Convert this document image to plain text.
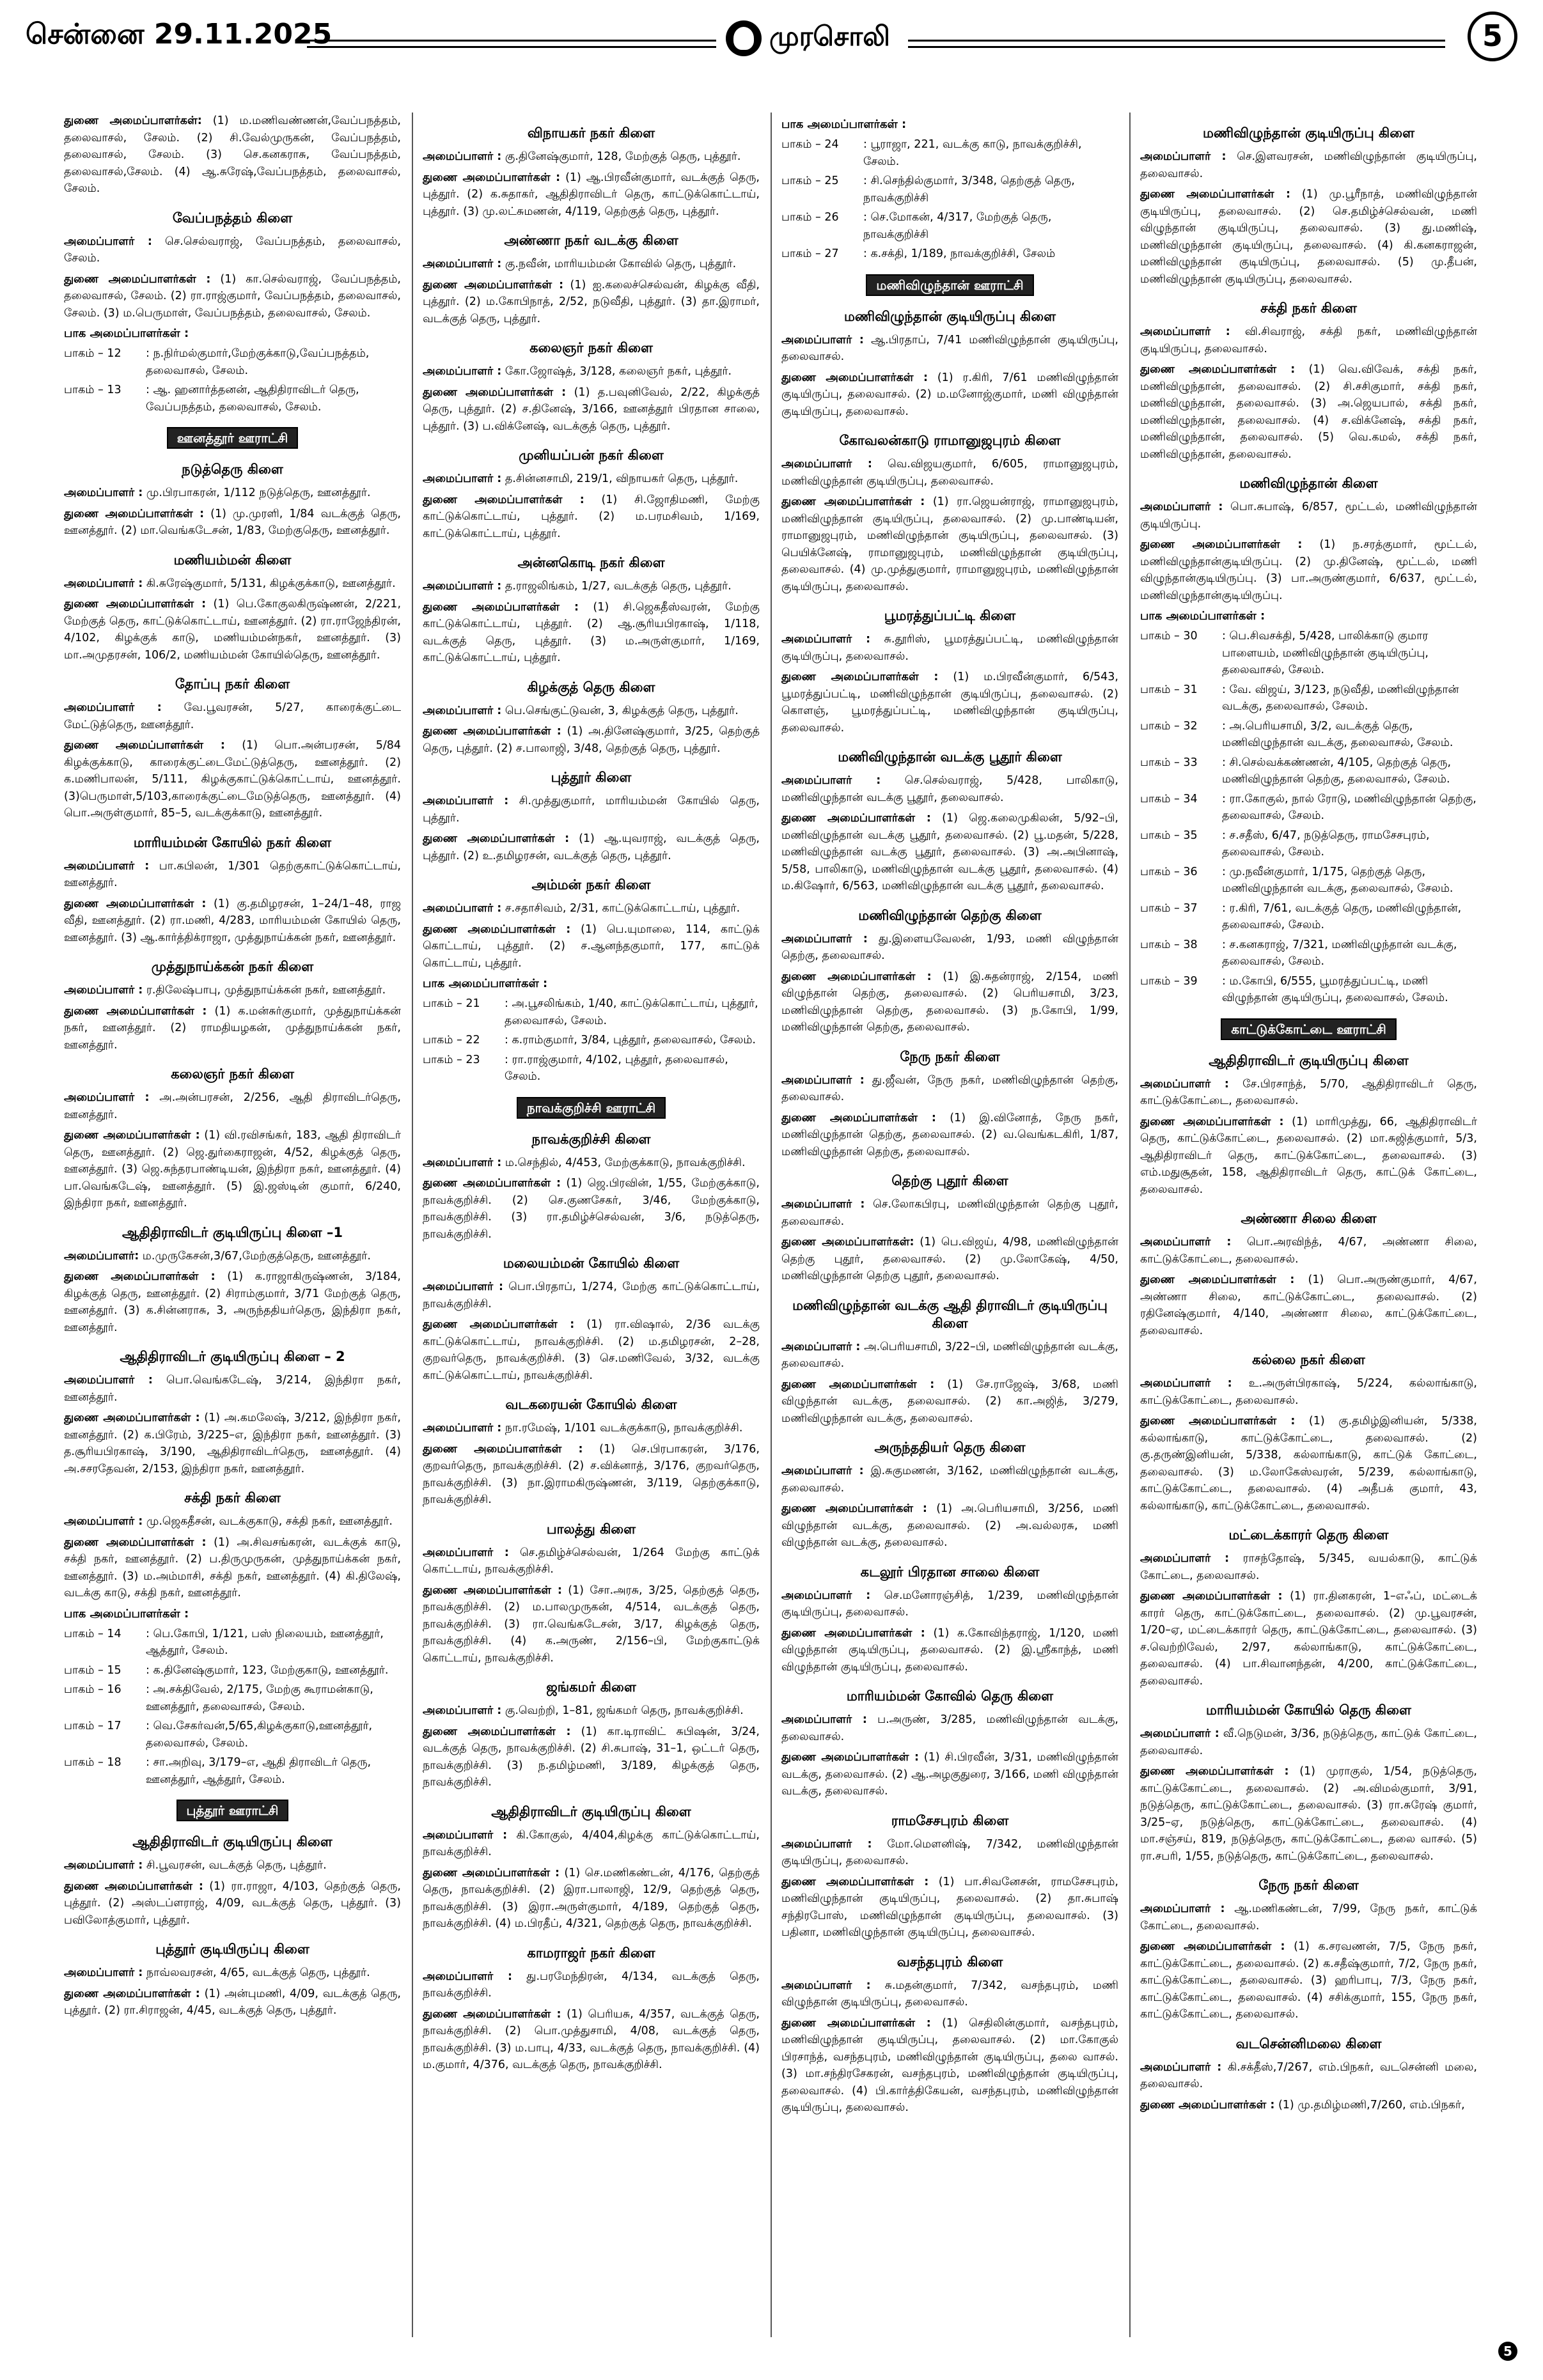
சென்னை 29.11.2025	முரசொலி	5
துணை அமைப்பாளர்கள்: (1) ம.மணிவண்ணன்,வேப்பநத்தம், தலைவாசல், சேலம். (2) சி.வேல்முருகன், வேப்பநத்தம், தலைவாசல், சேலம். (3) செ.கனகராசு, வேப்பநத்தம், தலைவாசல்,சேலம். (4) ஆ.சுரேஷ்,வேப்பநத்தம், தலைவாசல், சேலம்.
வேப்பநத்தம் கிளை
அமைப்பாளர் : செ.செல்வராஜ், வேப்பநத்தம், தலைவாசல், சேலம்.
துணை அமைப்பாளர்கள் : (1) கா.செல்வராஜ், வேப்பநத்தம், தலைவாசல், சேலம். (2) ரா.ராஜ்குமார், வேப்பநத்தம், தலைவாசல், சேலம். (3) ம.பெருமாள், வேப்பநத்தம், தலைவாசல், சேலம்.
பாக அமைப்பாளர்கள் :
பாகம் – 12	: ந.நிர்மல்குமார்,மேற்குக்காடு,வேப்பநத்தம், தலைவாசல், சேலம்.
பாகம் – 13	: ஆ. ஹனார்த்தனன், ஆதிதிராவிடர் தெரு, வேப்பநத்தம், தலைவாசல், சேலம்.
ஊனத்தூர் ஊராட்சி
நடுத்தெரு கிளை
அமைப்பாளர் : மு.பிரபாகரன், 1/112 நடுத்தெரு, ஊனத்தூர்.
துணை அமைப்பாளர்கள் : (1) மு.முரளி, 1/84 வடக்குத் தெரு, ஊனத்தூர். (2) மா.வெங்கடேசன், 1/83, மேற்குதெரு, ஊனத்தூர்.
மணியம்மன் கிளை
அமைப்பாளர் : கி.சுரேஷ்குமார், 5/131, கிழக்குக்காடு, ஊனத்தூர்.
துணை அமைப்பாளர்கள் : (1) பெ.கோகுலகிருஷ்ணன், 2/221, மேற்குத் தெரு, காட்டுக்கொட்டாய், ஊனத்தூர். (2) ரா.ராஜேந்திரன், 4/102, கிழக்குக் காடு, மணியம்மன்நகர், ஊனத்தூர். (3) மா.அமுதரசன், 106/2, மணியம்மன் கோயில்தெரு, ஊனத்தூர்.
தோப்பு நகர் கிளை
அமைப்பாளர் : வே.பூவரசன், 5/27, காரைக்குட்டை மேட்டுத்தெரு, ஊனத்தூர்.
துணை அமைப்பாளர்கள் : (1) பொ.அன்பரசன், 5/84 கிழக்குக்காடு, காரைக்குட்டைமேட்டுத்தெரு, ஊனத்தூர். (2) க.மணிபாலன், 5/111, கிழக்குகாட்டுக்கொட்டாய், ஊனத்தூர்.(3)பெருமாள்,5/103,காரைக்குட்டைமேடுத்தெரு, ஊனத்தூர். (4) பொ.அருள்குமார், 85–5, வடக்குக்காடு, ஊனத்தூர்.
மாரியம்மன் கோயில் நகர் கிளை
அமைப்பாளர் : பா.கபிலன், 1/301 தெற்குகாட்டுக்கொட்டாய், ஊனத்தூர்.
துணை அமைப்பாளர்கள் : (1) கு.தமிழரசன், 1–24/1–48, ராஜ வீதி, ஊனத்தூர். (2) ரா.மணி, 4/283, மாரியம்மன் கோயில் தெரு, ஊனத்தூர். (3) ஆ.கார்த்திக்ராஜா, முத்துநாய்க்கன் நகர், ஊனத்தூர்.
முத்துநாய்க்கன் நகர் கிளை
அமைப்பாளர் : ர.திலேஷ்பாபு, முத்துநாய்க்கன் நகர், ஊனத்தூர்.
துணை அமைப்பாளர்கள் : (1) க.மன்சுர்குமார், முத்துநாய்க்கன் நகர், ஊனத்தூர். (2) ராமதியழகன், முத்துநாய்க்கன் நகர், ஊனத்தூர்.
கலைஞர் நகர் கிளை
அமைப்பாளர் : அ.அன்பரசன், 2/256, ஆதி திராவிடர்தெரு, ஊனத்தூர்.
துணை அமைப்பாளர்கள் : (1) வி.ரவிசங்கர், 183, ஆதி திராவிடர் தெரு, ஊனத்தூர். (2) ஜெ.துர்கைராஜன், 4/52, கிழக்குத் தெரு, ஊனத்தூர். (3) ஜெ.சுந்தரபாண்டியன், இந்திரா நகர், ஊனத்தூர். (4) பா.வெங்கடேஷ், ஊனத்தூர். (5) இ.ஜஸ்டின் குமார், 6/240, இந்திரா நகர், ஊனத்தூர்.
ஆதிதிராவிடர் குடியிருப்பு கிளை –1
அமைப்பாளர்: ம.முருகேசன்,3/67,மேற்குத்தெரு, ஊனத்தூர்.
துணை அமைப்பாளர்கள் : (1) க.ராஜாகிருஷ்ணன், 3/184, கிழக்குத் தெரு, ஊனத்தூர். (2) சிராம்குமார், 3/71 மேற்குத் தெரு, ஊனத்தூர். (3) க.சின்னராசு, 3, அருந்ததியர்தெரு, இந்திரா நகர், ஊனத்தூர்.
ஆதிதிராவிடர் குடியிருப்பு கிளை – 2
அமைப்பாளர் : பொ.வெங்கடேஷ், 3/214, இந்திரா நகர், ஊனத்தூர்.
துணை அமைப்பாளர்கள் : (1) அ.கமலேஷ், 3/212, இந்திரா நகர், ஊனத்தூர். (2) க.பிரேம், 3/225–எ, இந்திரா நகர், ஊனத்தூர். (3) த.சூரியபிரகாஷ், 3/190, ஆதிதிராவிடர்தெரு, ஊனத்தூர். (4) அ.சசரதேவன், 2/153, இந்திரா நகர், ஊனத்தூர்.
சக்தி நகர் கிளை
அமைப்பாளர் : மு.ஜெகதீசன், வடக்குகாடு, சக்தி நகர், ஊனத்தூர்.
துணை அமைப்பாளர்கள் : (1) அ.சிவசங்கரன், வடக்குக் காடு, சக்தி நகர், ஊனத்தூர். (2) ப.திருமுருகன், முத்துநாய்க்கன் நகர், ஊனத்தூர். (3) ம.அம்மாசி, சக்தி நகர், ஊனத்தூர். (4) கி.திலேஷ், வடக்கு காடு, சக்தி நகர், ஊனத்தூர்.
பாக அமைப்பாளர்கள் :
பாகம் – 14	: பெ.கோபி, 1/121, பஸ் நிலையம், ஊனத்தூர், ஆத்தூர், சேலம்.
பாகம் – 15	: க.தினேஷ்குமார், 123, மேற்குகாடு, ஊனத்தூர்.
பாகம் – 16	: அ.சக்திவேல், 2/175, மேற்கு கூராமன்காடு, ஊனத்தூர், தலைவாசல், சேலம்.
பாகம் – 17	: வெ.சேகர்வன்,5/65,கிழக்குகாடு,ஊனத்தூர், தலைவாசல், சேலம்.
பாகம் – 18	: சா.அறிவு, 3/179–எ, ஆதி திராவிடர் தெரு, ஊனத்தூர், ஆத்தூர், சேலம்.
புத்தூர் ஊராட்சி
ஆதிதிராவிடர் குடியிருப்பு கிளை
அமைப்பாளர் : சி.பூவரசன், வடக்குத் தெரு, புத்தூர்.
துணை அமைப்பாளர்கள் : (1) ரா.ராஜா, 4/103, தெற்குத் தெரு, புத்தூர். (2) அஸ்டப்ளராஜ், 4/09, வடக்குத் தெரு, புத்தூர். (3) பவிலோத்குமார், புத்தூர்.
புத்தூர் குடியிருப்பு கிளை
அமைப்பாளர் : நாவ்லவரசன், 4/65, வடக்குத் தெரு, புத்தூர்.
துணை அமைப்பாளர்கள் : (1) அன்புமணி, 4/09, வடக்குத் தெரு, புத்தூர். (2) ரா.சிராஜன், 4/45, வடக்குத் தெரு, புத்தூர்.
விநாயகர் நகர் கிளை
அமைப்பாளர் : கு.தினேஷ்குமார், 128, மேற்குத் தெரு, புத்தூர்.
துணை அமைப்பாளர்கள் : (1) ஆ.பிரவீன்குமார், வடக்குத் தெரு, புத்தூர். (2) க.சுதாகர், ஆதிதிராவிடர் தெரு, காட்டுக்கொட்டாய், புத்தூர். (3) மு.லட்சுமணன், 4/119, தெற்குத் தெரு, புத்தூர்.
அண்ணா நகர் வடக்கு கிளை
அமைப்பாளர் : கு.நவீன், மாரியம்மன் கோவில் தெரு, புத்தூர்.
துணை அமைப்பாளர்கள் : (1) ஐ.கலைச்செல்வன், கிழக்கு வீதி, புத்தூர். (2) ம.கோபிநாத், 2/52, நடுவீதி, புத்தூர். (3) தா.இராமர், வடக்குத் தெரு, புத்தூர்.
கலைஞர் நகர் கிளை
அமைப்பாளர் : கோ.ஜோஷ்த், 3/128, கலைஞர் நகர், புத்தூர்.
துணை அமைப்பாளர்கள் : (1) த.பவுனிவேல், 2/22, கிழக்குத் தெரு, புத்தூர். (2) ச.தினேஷ், 3/166, ஊனத்தூர் பிரதான சாலை, புத்தூர். (3) ப.விக்னேஷ், வடக்குத் தெரு, புத்தூர்.
முனியப்பன் நகர் கிளை
அமைப்பாளர் : த.சின்னசாமி, 219/1, விநாயகர் தெரு, புத்தூர்.
துணை அமைப்பாளர்கள் : (1) சி.ஜோதிமணி, மேற்கு காட்டுக்கொட்டாய், புத்தூர். (2) ம.பரமசிவம், 1/169, காட்டுக்கொட்டாய், புத்தூர்.
அன்னகொடி நகர் கிளை
அமைப்பாளர் : த.ராஜலிங்கம், 1/27, வடக்குத் தெரு, புத்தூர்.
துணை அமைப்பாளர்கள் : (1) சி.ஜெகதீஸ்வரன், மேற்கு காட்டுக்கொட்டாய், புத்தூர். (2) ஆ.சூரியபிரகாஷ், 1/118, வடக்குத் தெரு, புத்தூர். (3) ம.அருள்குமார், 1/169, காட்டுக்கொட்டாய், புத்தூர்.
கிழக்குத் தெரு கிளை
அமைப்பாளர் : பெ.செங்குட்டுவன், 3, கிழக்குத் தெரு, புத்தூர்.
துணை அமைப்பாளர்கள் : (1) அ.தினேஷ்குமார், 3/25, தெற்குத் தெரு, புத்தூர். (2) ச.பாலாஜி, 3/48, தெற்குத் தெரு, புத்தூர்.
புத்தூர் கிளை
அமைப்பாளர் : சி.முத்துகுமார், மாரியம்மன் கோயில் தெரு, புத்தூர்.
துணை அமைப்பாளர்கள் : (1) ஆ.யுவராஜ், வடக்குத் தெரு, புத்தூர். (2) உ.தமிழரசன், வடக்குத் தெரு, புத்தூர்.
அம்மன் நகர் கிளை
அமைப்பாளர் : ச.சதாசிவம், 2/31, காட்டுக்கொட்டாய், புத்தூர்.
துணை அமைப்பாளர்கள் : (1) பெ.யுமாலை, 114, காட்டுக் கொட்டாய், புத்தூர். (2) ச.ஆனந்தகுமார், 177, காட்டுக் கொட்டாய், புத்தூர்.
பாக அமைப்பாளர்கள் :
பாகம் – 21	: அ.பூசலிங்கம், 1/40, காட்டுக்கொட்டாய், புத்தூர், தலைவாசல், சேலம்.
பாகம் – 22	: க.ராம்குமார், 3/84, புத்தூர், தலைவாசல், சேலம்.
பாகம் – 23	: ரா.ராஜ்குமார், 4/102, புத்தூர், தலைவாசல், சேலம்.
நாவக்குறிச்சி ஊராட்சி
நாவக்குறிச்சி கிளை
அமைப்பாளர் : ம.செந்தில், 4/453, மேற்குக்காடு, நாவக்குறிச்சி.
துணை அமைப்பாளர்கள் : (1) ஜெ.பிரவின், 1/55, மேற்குக்காடு, நாவக்குறிச்சி. (2) செ.குணசேகர், 3/46, மேற்குக்காடு, நாவக்குறிச்சி. (3) ரா.தமிழ்ச்செல்வன், 3/6, நடுத்தெரு, நாவக்குறிச்சி.
மலையம்மன் கோயில் கிளை
அமைப்பாளர் : பொ.பிரதாப், 1/274, மேற்கு காட்டுக்கொட்டாய், நாவக்குறிச்சி.
துணை அமைப்பாளர்கள் : (1) ரா.விஷால், 2/36 வடக்கு காட்டுக்கொட்டாய், நாவக்குறிச்சி. (2) ம.தமிழரசன், 2–28, குறவர்தெரு, நாவக்குறிச்சி. (3) செ.மணிவேல், 3/32, வடக்கு காட்டுக்கொட்டாய், நாவக்குறிச்சி.
வடகரையன் கோயில் கிளை
அமைப்பாளர் : நா.ரமேஷ், 1/101 வடக்குக்காடு, நாவக்குறிச்சி.
துணை அமைப்பாளர்கள் : (1) செ.பிரபாகரன், 3/176, குறவர்தெரு, நாவக்குறிச்சி. (2) ச.விக்னாத், 3/176, குறவர்தெரு, நாவக்குறிச்சி. (3) நா.இராமகிருஷ்ணன், 3/119, தெற்குக்காடு, நாவக்குறிச்சி.
பாலத்து கிளை
அமைப்பாளர் : செ.தமிழ்ச்செல்வன், 1/264 மேற்கு காட்டுக் கொட்டாய், நாவக்குறிச்சி.
துணை அமைப்பாளர்கள் : (1) சோ.அரசு, 3/25, தெற்குத் தெரு, நாவக்குறிச்சி. (2) ம.பாலமுருகன், 4/514, வடக்குத் தெரு, நாவக்குறிச்சி. (3) ரா.வெங்கடேசன், 3/17, கிழக்குத் தெரு, நாவக்குறிச்சி. (4) க.அருண், 2/156–பி, மேற்குகாட்டுக் கொட்டாய், நாவக்குறிச்சி.
ஜங்கமர் கிளை
அமைப்பாளர் : கு.வெற்றி, 1–81, ஜங்கமர் தெரு, நாவக்குறிச்சி.
துணை அமைப்பாளர்கள் : (1) கா.டிராவிட் சுபிஷன், 3/24, வடக்குத் தெரு, நாவக்குறிச்சி. (2) சி.சுபாஷ், 31–1, ஒட்டர் தெரு, நாவக்குறிச்சி. (3) ந.தமிழ்மணி, 3/189, கிழக்குத் தெரு, நாவக்குறிச்சி.
ஆதிதிராவிடர் குடியிருப்பு கிளை
அமைப்பாளர் : கி.கோகுல், 4/404,கிழக்கு காட்டுக்கொட்டாய், நாவக்குறிச்சி.
துணை அமைப்பாளர்கள் : (1) செ.மணிகண்டன், 4/176, தெற்குத் தெரு, நாவக்குறிச்சி. (2) இரா.பாலாஜி, 12/9, தெற்குத் தெரு, நாவக்குறிச்சி. (3) இரா.அருள்குமார், 4/189, தெற்குத் தெரு, நாவக்குறிச்சி. (4) ம.பிரதீப், 4/321, தெற்குத் தெரு, நாவக்குறிச்சி.
காமராஜர் நகர் கிளை
அமைப்பாளர் : து.பரமேந்திரன், 4/134, வடக்குத் தெரு, நாவக்குறிச்சி.
துணை அமைப்பாளர்கள் : (1) பெரியசு, 4/357, வடக்குத் தெரு, நாவக்குறிச்சி. (2) பொ.முத்துசாமி, 4/08, வடக்குத் தெரு, நாவக்குறிச்சி. (3) ம.பாபு, 4/33, வடக்குத் தெரு, நாவக்குறிச்சி. (4) ம.குமார், 4/376, வடக்குத் தெரு, நாவக்குறிச்சி.
பாக அமைப்பாளர்கள் :
பாகம் – 24	: பூராஜா, 221, வடக்கு காடு, நாவக்குறிச்சி, சேலம்.
பாகம் – 25	: சி.செந்தில்குமார், 3/348, தெற்குத் தெரு, நாவக்குறிச்சி
பாகம் – 26	: செ.மோகன், 4/317, மேற்குத் தெரு, நாவக்குறிச்சி
பாகம் – 27	: க.சக்தி, 1/189, நாவக்குறிச்சி, சேலம்
மணிவிழுந்தான் ஊராட்சி
மணிவிழுந்தான் குடியிருப்பு கிளை
அமைப்பாளர் : ஆ.பிரதாப், 7/41 மணிவிழுந்தான் குடியிருப்பு, தலைவாசல்.
துணை அமைப்பாளர்கள் : (1) ர.கிரி, 7/61 மணிவிழுந்தான் குடியிருப்பு, தலைவாசல். (2) ம.மனோஜ்குமார், மணி விழுந்தான் குடியிருப்பு, தலைவாசல்.
கோவலன்காடு ராமானுஜபுரம் கிளை
அமைப்பாளர் : வெ.விஜயகுமார், 6/605, ராமானுஜபுரம், மணிவிழுந்தான் குடியிருப்பு, தலைவாசல்.
துணை அமைப்பாளர்கள் : (1) ரா.ஜெயன்ராஜ், ராமானுஜபுரம், மணிவிழுந்தான் குடியிருப்பு, தலைவாசல். (2) மு.பாண்டியன், ராமானுஜபுரம், மணிவிழுந்தான் குடியிருப்பு, தலைவாசல். (3) பெயிக்னேஷ், ராமானுஜபுரம், மணிவிழுந்தான் குடியிருப்பு, தலைவாசல். (4) மு.முத்துகுமார், ராமானுஜபுரம், மணிவிழுந்தான் குடியிருப்பு, தலைவாசல்.
பூமரத்துப்பட்டி கிளை
அமைப்பாளர் : சு.தூரிஸ், பூமரத்துப்பட்டி, மணிவிழுந்தான் குடியிருப்பு, தலைவாசல்.
துணை அமைப்பாளர்கள் : (1) ம.பிரவீன்குமார், 6/543, பூமரத்துப்பட்டி, மணிவிழுந்தான் குடியிருப்பு, தலைவாசல். (2) கொளஞ், பூமரத்துப்பட்டி, மணிவிழுந்தான் குடியிருப்பு, தலைவாசல்.
மணிவிழுந்தான் வடக்கு பூதூர் கிளை
அமைப்பாளர் : செ.செல்வராஜ், 5/428, பாலிகாடு, மணிவிழுந்தான் வடக்கு பூதூர், தலைவாசல்.
துணை அமைப்பாளர்கள் : (1) ஜெ.கலைமுகிலன், 5/92–பி, மணிவிழுந்தான் வடக்கு பூதூர், தலைவாசல். (2) பூ.மதன், 5/228, மணிவிழுந்தான் வடக்கு பூதூர், தலைவாசல். (3) அ.அபினாஷ், 5/58, பாலிகாடு, மணிவிழுந்தான் வடக்கு பூதூர், தலைவாசல். (4) ம.கிஷோர், 6/563, மணிவிழுந்தான் வடக்கு பூதூர், தலைவாசல்.
மணிவிழுந்தான் தெற்கு கிளை
அமைப்பாளர் : து.இளையவேலன், 1/93, மணி விழுந்தான் தெற்கு, தலைவாசல்.
துணை அமைப்பாளர்கள் : (1) இ.சுதன்ராஜ், 2/154, மணி விழுந்தான் தெற்கு, தலைவாசல். (2) பெரியசாமி, 3/23, மணிவிழுந்தான் தெற்கு, தலைவாசல். (3) ந.கோபி, 1/99, மணிவிழுந்தான் தெற்கு, தலைவாசல்.
நேரு நகர் கிளை
அமைப்பாளர் : து.ஜீவன், நேரு நகர், மணிவிழுந்தான் தெற்கு, தலைவாசல்.
துணை அமைப்பாளர்கள் : (1) இ.வினோத், நேரு நகர், மணிவிழுந்தான் தெற்கு, தலைவாசல். (2) வ.வெங்கடகிரி, 1/87, மணிவிழுந்தான் தெற்கு, தலைவாசல்.
தெற்கு புதூர் கிளை
அமைப்பாளர் : செ.லோகபிரபு, மணிவிழுந்தான் தெற்கு புதூர், தலைவாசல்.
துணை அமைப்பாளர்கள்: (1) பெ.விஜய், 4/98, மணிவிழுந்தான் தெற்கு புதூர், தலைவாசல். (2) மு.லோகேஷ், 4/50, மணிவிழுந்தான் தெற்கு புதூர், தலைவாசல்.
மணிவிழுந்தான் வடக்கு ஆதி திராவிடர் குடியிருப்பு கிளை
அமைப்பாளர் : அ.பெரியசாமி, 3/22–பி, மணிவிழுந்தான் வடக்கு, தலைவாசல்.
துணை அமைப்பாளர்கள் : (1) சே.ராஜேஷ், 3/68, மணி விழுந்தான் வடக்கு, தலைவாசல். (2) கா.அஜித், 3/279, மணிவிழுந்தான் வடக்கு, தலைவாசல்.
அருந்ததியர் தெரு கிளை
அமைப்பாளர் : இ.சுகுமணன், 3/162, மணிவிழுந்தான் வடக்கு, தலைவாசல்.
துணை அமைப்பாளர்கள் : (1) அ.பெரியசாமி, 3/256, மணி விழுந்தான் வடக்கு, தலைவாசல். (2) அ.வல்லரசு, மணி விழுந்தான் வடக்கு, தலைவாசல்.
கடலூர் பிரதான சாலை கிளை
அமைப்பாளர் : செ.மனோரஞ்சித், 1/239, மணிவிழுந்தான் குடியிருப்பு, தலைவாசல்.
துணை அமைப்பாளர்கள் : (1) க.கோவிந்தராஜ், 1/120, மணி விழுந்தான் குடியிருப்பு, தலைவாசல். (2) இ.ஸ்ரீகாந்த், மணி விழுந்தான் குடியிருப்பு, தலைவாசல்.
மாரியம்மன் கோவில் தெரு கிளை
அமைப்பாளர் : ப.அருண், 3/285, மணிவிழுந்தான் வடக்கு, தலைவாசல்.
துணை அமைப்பாளர்கள் : (1) சி.பிரவீன், 3/31, மணிவிழுந்தான் வடக்கு, தலைவாசல். (2) ஆ.அழகுதுரை, 3/166, மணி விழுந்தான் வடக்கு, தலைவாசல்.
ராமசேசபுரம் கிளை
அமைப்பாளர் : மோ.மௌனிஷ், 7/342, மணிவிழுந்தான் குடியிருப்பு, தலைவாசல்.
துணை அமைப்பாளர்கள் : (1) பா.சிவனேசன், ராமசேசபுரம், மணிவிழுந்தான் குடியிருப்பு, தலைவாசல். (2) தா.சுபாஷ் சந்திரபோஸ், மணிவிழுந்தான் குடியிருப்பு, தலைவாசல். (3) பதினா, மணிவிழுந்தான் குடியிருப்பு, தலைவாசல்.
வசந்தபுரம் கிளை
அமைப்பாளர் : சு.மதன்குமார், 7/342, வசந்தபுரம், மணி விழுந்தான் குடியிருப்பு, தலைவாசல்.
துணை அமைப்பாளர்கள் : (1) செதிலின்குமார், வசந்தபுரம், மணிவிழுந்தான் குடியிருப்பு, தலைவாசல். (2) மா.கோகுல் பிரசாந்த், வசந்தபுரம், மணிவிழுந்தான் குடியிருப்பு, தலை வாசல். (3) மா.சந்திரசேகரன், வசந்தபுரம், மணிவிழுந்தான் குடியிருப்பு, தலைவாசல். (4) பி.கார்த்திகேயன், வசந்தபுரம், மணிவிழுந்தான் குடியிருப்பு, தலைவாசல்.
மணிவிழுந்தான் குடியிருப்பு கிளை
அமைப்பாளர் : செ.இளவரசன், மணிவிழுந்தான் குடியிருப்பு, தலைவாசல்.
துணை அமைப்பாளர்கள் : (1) மு.பூரீநாத், மணிவிழுந்தான் குடியிருப்பு, தலைவாசல். (2) செ.தமிழ்ச்செல்வன், மணி விழுந்தான் குடியிருப்பு, தலைவாசல். (3) து.மணிஷ், மணிவிழுந்தான் குடியிருப்பு, தலைவாசல். (4) கி.கனகராஜன், மணிவிழுந்தான் குடியிருப்பு, தலைவாசல். (5) மு.தீபன், மணிவிழுந்தான் குடியிருப்பு, தலைவாசல்.
சக்தி நகர் கிளை
அமைப்பாளர் : வி.சிவராஜ், சக்தி நகர், மணிவிழுந்தான் குடியிருப்பு, தலைவாசல்.
துணை அமைப்பாளர்கள் : (1) வெ.விவேக், சக்தி நகர், மணிவிழுந்தான், தலைவாசல். (2) சி.சசிகுமார், சக்தி நகர், மணிவிழுந்தான், தலைவாசல். (3) அ.ஜெயபால், சக்தி நகர், மணிவிழுந்தான், தலைவாசல். (4) ச.விக்னேஷ், சக்தி நகர், மணிவிழுந்தான், தலைவாசல். (5) வெ.கமல், சக்தி நகர், மணிவிழுந்தான், தலைவாசல்.
மணிவிழுந்தான் கிளை
அமைப்பாளர் : பொ.சுபாஷ், 6/857, மூட்டல், மணிவிழுந்தான் குடியிருப்பு.
துணை அமைப்பாளர்கள் : (1) ந.சரத்குமார், மூட்டல், மணிவிழுந்தான்குடியிருப்பு. (2) மு.தினேஷ், மூட்டல், மணி விழுந்தான்குடியிருப்பு. (3) பா.அருண்குமார், 6/637, மூட்டல், மணிவிழுந்தான்குடியிருப்பு.
பாக அமைப்பாளர்கள் :
பாகம் – 30	: பெ.சிவசக்தி, 5/428, பாலிக்காடு குமார பாளையம், மணிவிழுந்தான் குடியிருப்பு, தலைவாசல், சேலம்.
பாகம் – 31	: வே. விஜய், 3/123, நடுவீதி, மணிவிழுந்தான் வடக்கு, தலைவாசல், சேலம்.
பாகம் – 32	: அ.பெரியசாமி, 3/2, வடக்குத் தெரு, மணிவிழுந்தான் வடக்கு, தலைவாசல், சேலம்.
பாகம் – 33	: சி.செல்வக்கண்ணன், 4/105, தெற்குத் தெரு, மணிவிழுந்தான் தெற்கு, தலைவாசல், சேலம்.
பாகம் – 34	: ரா.கோகுல், நால் ரோடு, மணிவிழுந்தான் தெற்கு, தலைவாசல், சேலம்.
பாகம் – 35	: ச.சதீஸ், 6/47, நடுத்தெரு, ராமசேசபுரம், தலைவாசல், சேலம்.
பாகம் – 36	: மு.நவீன்குமார், 1/175, தெற்குத் தெரு, மணிவிழுந்தான் வடக்கு, தலைவாசல், சேலம்.
பாகம் – 37	: ர.கிரி, 7/61, வடக்குத் தெரு, மணிவிழுந்தான், தலைவாசல், சேலம்.
பாகம் – 38	: ச.கனகராஜ், 7/321, மணிவிழுந்தான் வடக்கு, தலைவாசல், சேலம்.
பாகம் – 39	: ம.கோபி, 6/555, பூமரத்துப்பட்டி, மணி விழுந்தான் குடியிருப்பு, தலைவாசல், சேலம்.
காட்டுக்கோட்டை ஊராட்சி
ஆதிதிராவிடர் குடியிருப்பு கிளை
அமைப்பாளர் : சே.பிரசாந்த், 5/70, ஆதிதிராவிடர் தெரு, காட்டுக்கோட்டை, தலைவாசல்.
துணை அமைப்பாளர்கள் : (1) மாரிமுத்து, 66, ஆதிதிராவிடர் தெரு, காட்டுக்கோட்டை, தலைவாசல். (2) மா.சுஜித்குமார், 5/3, ஆதிதிராவிடர் தெரு, காட்டுக்கோட்டை, தலைவாசல். (3) எம்.மதுசூதன், 158, ஆதிதிராவிடர் தெரு, காட்டுக் கோட்டை, தலைவாசல்.
அண்ணா சிலை கிளை
அமைப்பாளர் : பொ.அரவிந்த், 4/67, அண்ணா சிலை, காட்டுக்கோட்டை, தலைவாசல்.
துணை அமைப்பாளர்கள் : (1) பொ.அருண்குமார், 4/67, அண்ணா சிலை, காட்டுக்கோட்டை, தலைவாசல். (2) ரதினேஷ்குமார், 4/140, அண்ணா சிலை, காட்டுக்கோட்டை, தலைவாசல்.
கல்லை நகர் கிளை
அமைப்பாளர் : உ.அருள்பிரகாஷ், 5/224, கல்லாங்காடு, காட்டுக்கோட்டை, தலைவாசல்.
துணை அமைப்பாளர்கள் : (1) கு.தமிழ்இனியன், 5/338, கல்லாங்காடு, காட்டுக்கோட்டை, தலைவாசல். (2) கு.தருண்இனியன், 5/338, கல்லாங்காடு, காட்டுக் கோட்டை, தலைவாசல். (3) ம.லோகேஸ்வரன், 5/239, கல்லாங்காடு, காட்டுக்கோட்டை, தலைவாசல். (4) அதீபக் குமார், 43, கல்லாங்காடு, காட்டுக்கோட்டை, தலைவாசல்.
மட்டைக்காரர் தெரு கிளை
அமைப்பாளர் : ராசந்தோஷ், 5/345, வயல்காடு, காட்டுக் கோட்டை, தலைவாசல்.
துணை அமைப்பாளர்கள் : (1) ரா.தினகரன், 1–எஃப், மட்டைக் காரர் தெரு, காட்டுக்கோட்டை, தலைவாசல். (2) மு.பூவரசன், 1/20–ஏ, மட்டைக்காரர் தெரு, காட்டுக்கோட்டை, தலைவாசல். (3) ச.வெற்றிவேல், 2/97, கல்லாங்காடு, காட்டுக்கோட்டை, தலைவாசல். (4) பா.சிவானந்தன், 4/200, காட்டுக்கோட்டை, தலைவாசல்.
மாரியம்மன் கோயில் தெரு கிளை
அமைப்பாளர் : வீ.நெடுமன், 3/36, நடுத்தெரு, காட்டுக் கோட்டை, தலைவாசல்.
துணை அமைப்பாளர்கள் : (1) முராகுல், 1/54, நடுத்தெரு, காட்டுக்கோட்டை, தலைவாசல். (2) அ.விமல்குமார், 3/91, நடுத்தெரு, காட்டுக்கோட்டை, தலைவாசல். (3) ரா.சுரேஷ் குமார், 3/25–ஏ, நடுத்தெரு, காட்டுக்கோட்டை, தலைவாசல். (4) மா.சஞ்சய், 819, நடுத்தெரு, காட்டுக்கோட்டை, தலை வாசல். (5) ரா.சபரி, 1/55, நடுத்தெரு, காட்டுக்கோட்டை, தலைவாசல்.
நேரு நகர் கிளை
அமைப்பாளர் : ஆ.மணிகண்டன், 7/99, நேரு நகர், காட்டுக் கோட்டை, தலைவாசல்.
துணை அமைப்பாளர்கள் : (1) க.சரவணன், 7/5, நேரு நகர், காட்டுக்கோட்டை, தலைவாசல். (2) க.சதீஷ்குமார், 7/2, நேரு நகர், காட்டுக்கோட்டை, தலைவாசல். (3) ஹரிபாபு, 7/3, நேரு நகர், காட்டுக்கோட்டை, தலைவாசல். (4) சசிக்குமார், 155, நேரு நகர், காட்டுக்கோட்டை, தலைவாசல்.
வடசென்னிமலை கிளை
அமைப்பாளர் : கி.சக்தீஸ்,7/267, எம்.பிநகர், வடசென்னி மலை, தலைவாசல்.
துணை அமைப்பாளர்கள் : (1) மு.தமிழ்மணி,7/260, எம்.பிநகர்,
5
